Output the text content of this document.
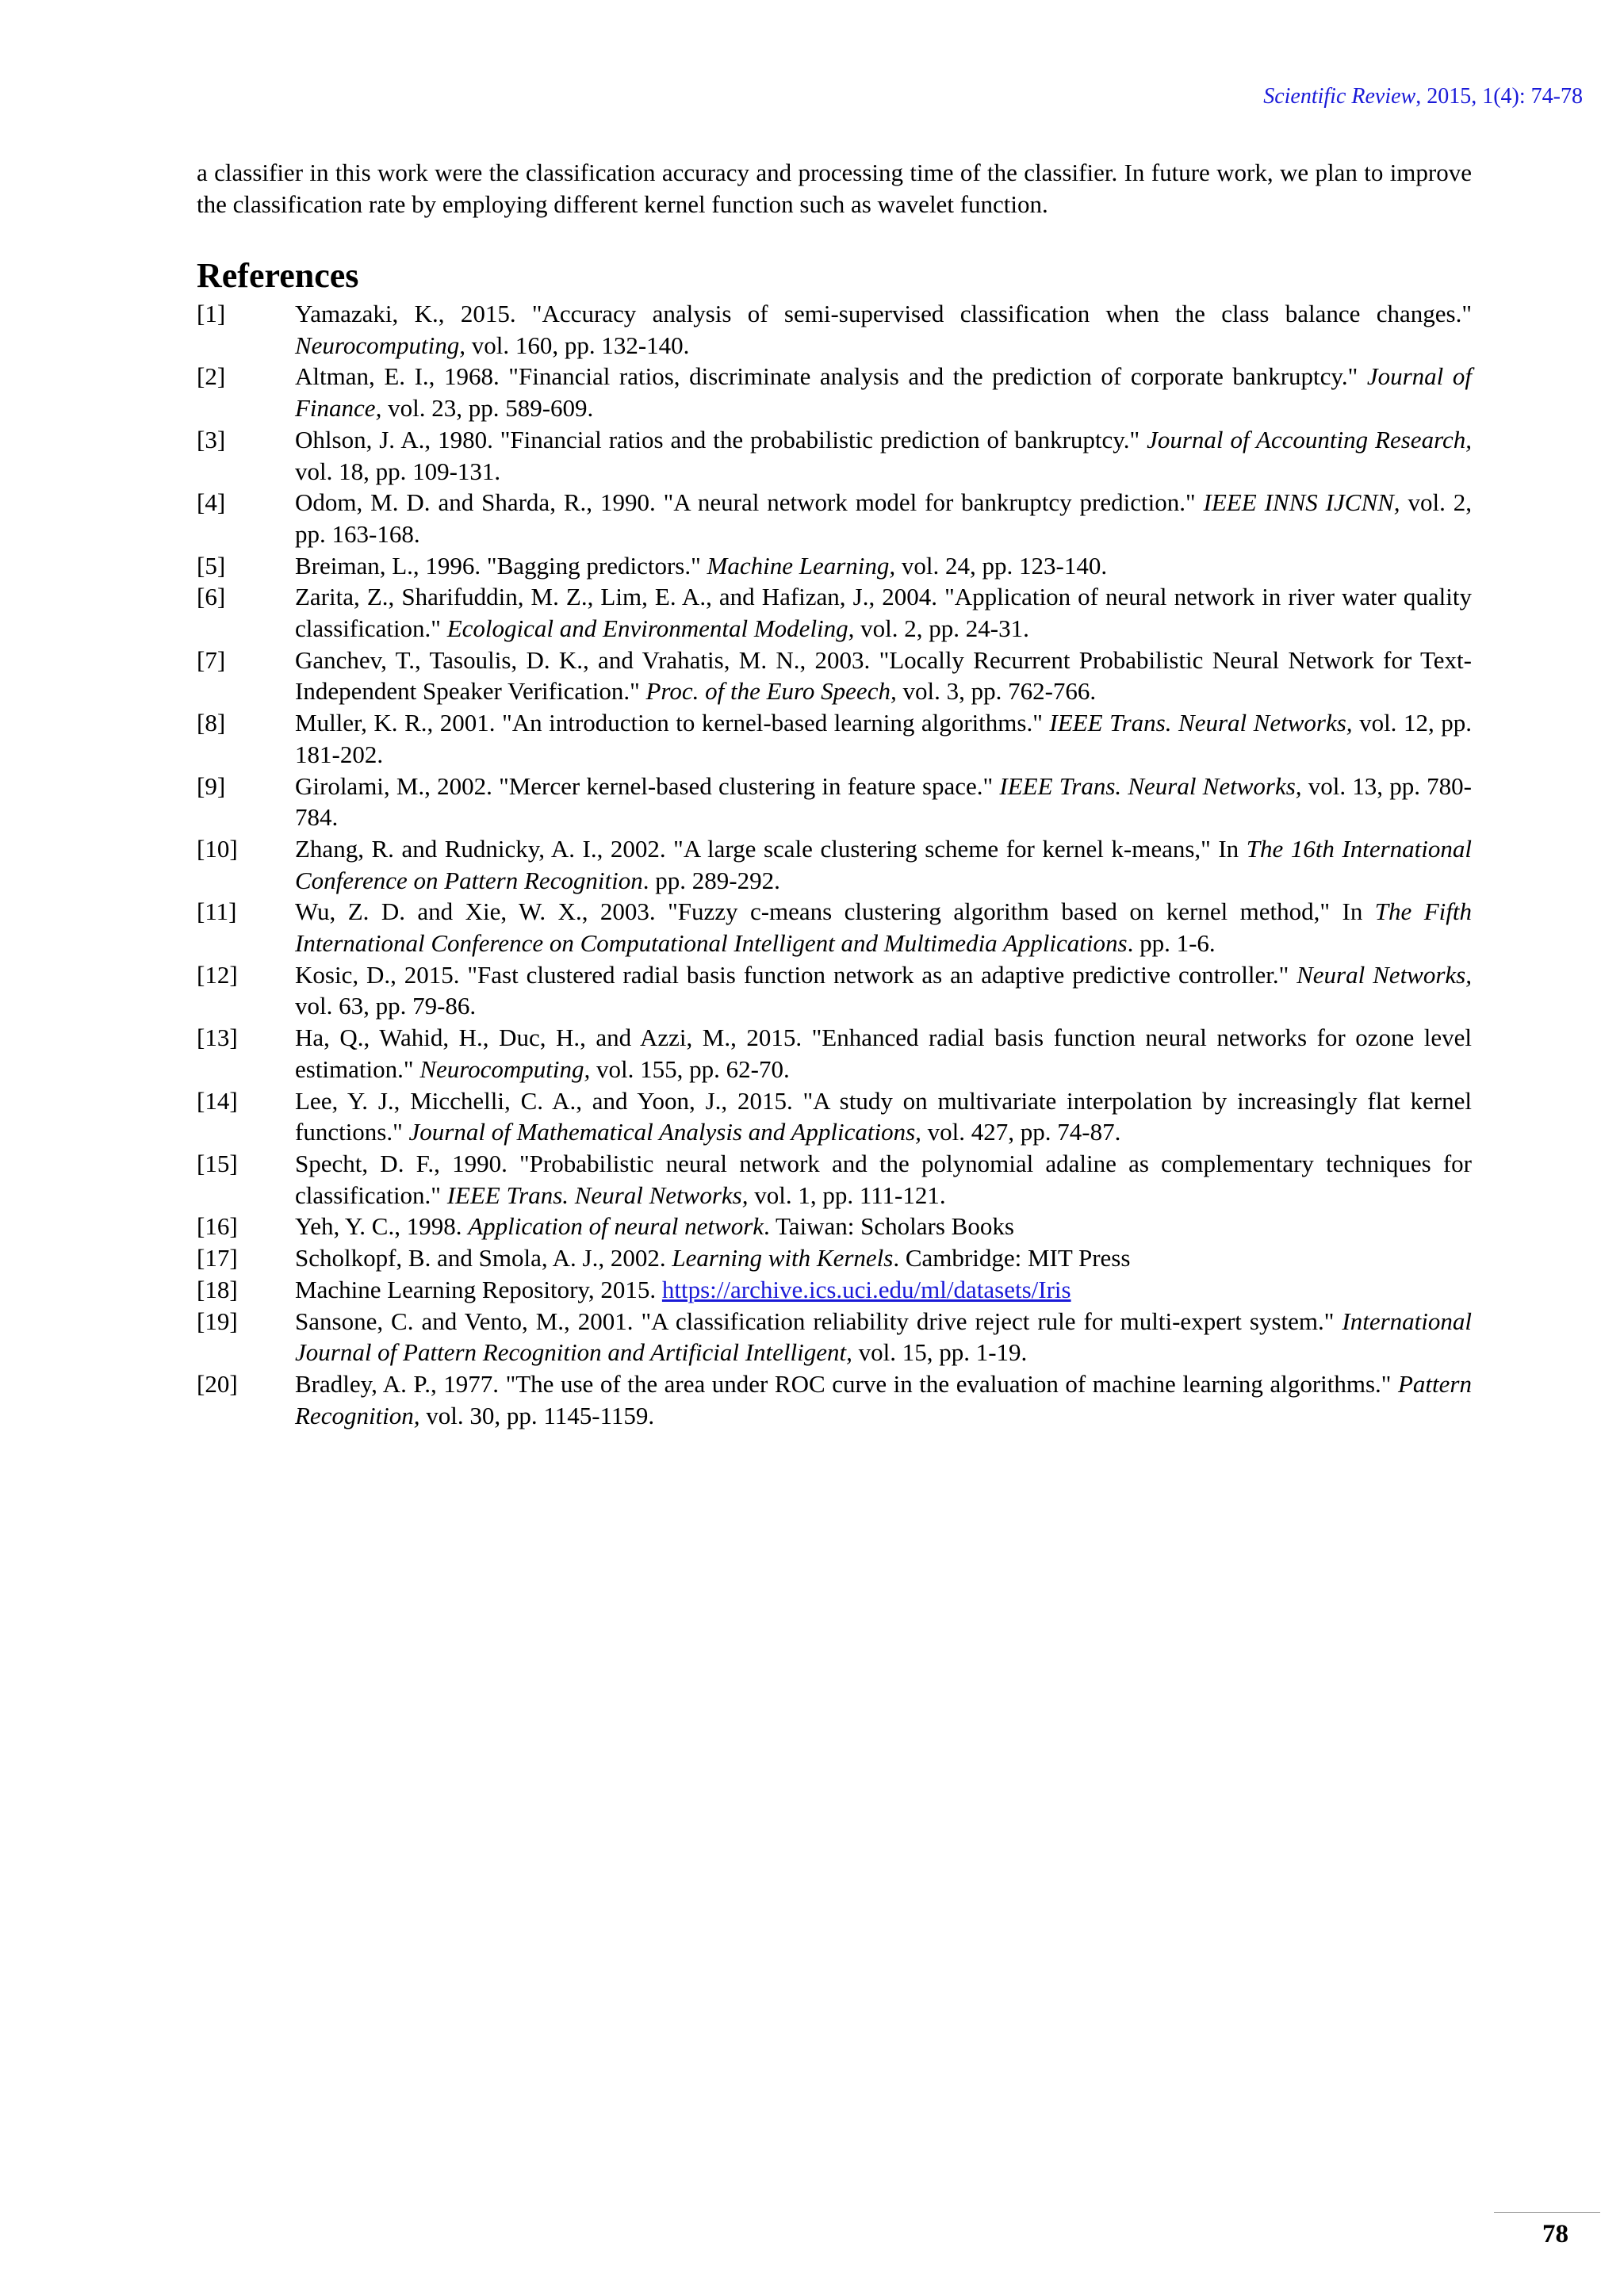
Scientific Review, 2015, 1(4): 74-78

a classifier in this work were the classification accuracy and processing time of the classifier. In future work, we plan to improve the classification rate by employing different kernel function such as wavelet function.

References
[1]	Yamazaki, K., 2015. "Accuracy analysis of semi-supervised classification when the class balance changes." Neurocomputing, vol. 160, pp. 132-140.
[2]	Altman, E. I., 1968. "Financial ratios, discriminate analysis and the prediction of corporate bankruptcy." Journal of Finance, vol. 23, pp. 589-609.
[3]	Ohlson, J. A., 1980. "Financial ratios and the probabilistic prediction of bankruptcy." Journal of Accounting Research, vol. 18, pp. 109-131.
[4]	Odom, M. D. and Sharda, R., 1990. "A neural network model for bankruptcy prediction." IEEE INNS IJCNN, vol. 2, pp. 163-168.
[5]	Breiman, L., 1996. "Bagging predictors." Machine Learning, vol. 24, pp. 123-140.
[6]	Zarita, Z., Sharifuddin, M. Z., Lim, E. A., and Hafizan, J., 2004. "Application of neural network in river water quality classification." Ecological and Environmental Modeling, vol. 2, pp. 24-31.
[7]	Ganchev, T., Tasoulis, D. K., and Vrahatis, M. N., 2003. "Locally Recurrent Probabilistic Neural Network for Text-Independent Speaker Verification." Proc. of the Euro Speech, vol. 3, pp. 762-766.
[8]	Muller, K. R., 2001. "An introduction to kernel-based learning algorithms." IEEE Trans. Neural Networks, vol. 12, pp. 181-202.
[9]	Girolami, M., 2002. "Mercer kernel-based clustering in feature space." IEEE Trans. Neural Networks, vol. 13, pp. 780-784.
[10]	Zhang, R. and Rudnicky, A. I., 2002. "A large scale clustering scheme for kernel k-means," In The 16th International Conference on Pattern Recognition. pp. 289-292.
[11]	Wu, Z. D. and Xie, W. X., 2003. "Fuzzy c-means clustering algorithm based on kernel method," In The Fifth International Conference on Computational Intelligent and Multimedia Applications. pp. 1-6.
[12]	Kosic, D., 2015. "Fast clustered radial basis function network as an adaptive predictive controller." Neural Networks, vol. 63, pp. 79-86.
[13]	Ha, Q., Wahid, H., Duc, H., and Azzi, M., 2015. "Enhanced radial basis function neural networks for ozone level estimation." Neurocomputing, vol. 155, pp. 62-70.
[14]	Lee, Y. J., Micchelli, C. A., and Yoon, J., 2015. "A study on multivariate interpolation by increasingly flat kernel functions." Journal of Mathematical Analysis and Applications, vol. 427, pp. 74-87.
[15]	Specht, D. F., 1990. "Probabilistic neural network and the polynomial adaline as complementary techniques for classification." IEEE Trans. Neural Networks, vol. 1, pp. 111-121.
[16]	Yeh, Y. C., 1998. Application of neural network. Taiwan: Scholars Books
[17]	Scholkopf, B. and Smola, A. J., 2002. Learning with Kernels. Cambridge: MIT Press
[18]	Machine Learning Repository, 2015. https://archive.ics.uci.edu/ml/datasets/Iris
[19]	Sansone, C. and Vento, M., 2001. "A classification reliability drive reject rule for multi-expert system." International Journal of Pattern Recognition and Artificial Intelligent, vol. 15, pp. 1-19.
[20]	Bradley, A. P., 1977. "The use of the area under ROC curve in the evaluation of machine learning algorithms." Pattern Recognition, vol. 30, pp. 1145-1159.
78
